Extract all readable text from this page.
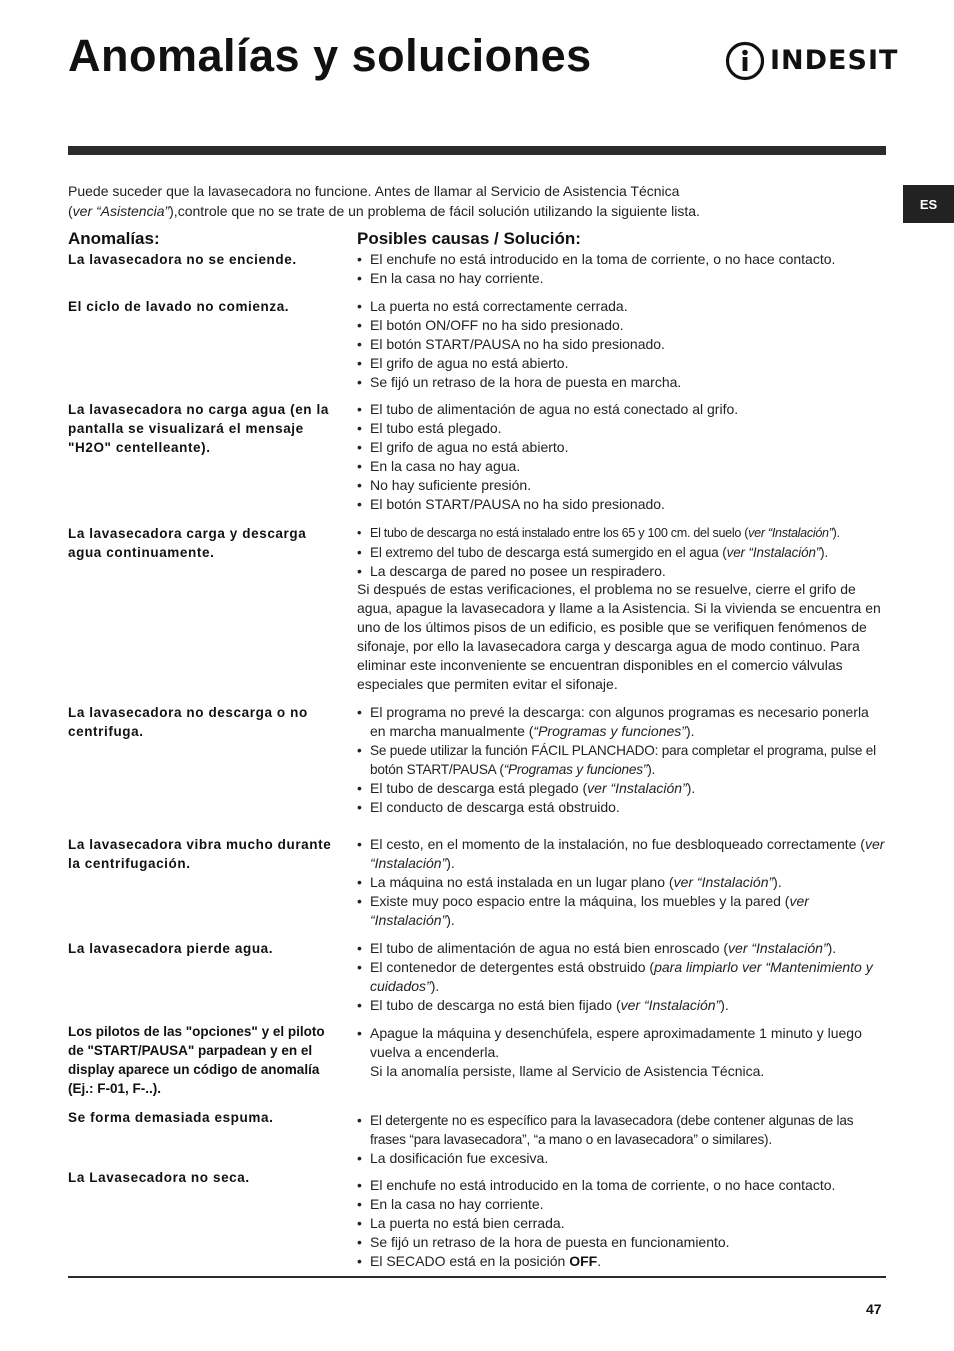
Anomalías y soluciones	INDESIT
ES
Puede suceder que la lavasecadora no funcione. Antes de llamar al Servicio de Asistencia Técnica
(ver “Asistencia”),controle que no se trate de un problema de fácil solución utilizando la siguiente lista.
Anomalías:	Posibles causas / Solución:
La lavasecadora no se enciende.	• El enchufe no está introducido en la toma de corriente, o no hace contacto.
• En la casa no hay corriente.
El ciclo de lavado no comienza.	• La puerta no está correctamente cerrada.
• El botón ON/OFF no ha sido presionado.
• El botón START/PAUSA no ha sido presionado.
• El grifo de agua no está abierto.
• Se fijó un retraso de la hora de puesta en marcha.
La lavasecadora no carga agua (en la pantalla se visualizará el mensaje "H2O" centelleante).
• El tubo de alimentación de agua no está conectado al grifo.
• El tubo está plegado.
• El grifo de agua no está abierto.
• En la casa no hay agua.
• No hay suficiente presión.
• El botón START/PAUSA no ha sido presionado.
La lavasecadora carga y descarga agua continuamente.
• El tubo de descarga no está instalado entre los 65 y 100 cm. del suelo (ver “Instalación”).
• El extremo del tubo de descarga está sumergido en el agua (ver “Instalación”).
• La descarga de pared no posee un respiradero.
Si después de estas verificaciones, el problema no se resuelve, cierre el grifo de agua, apague la lavasecadora y llame a la Asistencia. Si la vivienda se encuentra en uno de los últimos pisos de un edificio, es posible que se verifiquen fenómenos de sifonaje, por ello la lavasecadora carga y descarga agua de modo continuo. Para eliminar este inconveniente se encuentran disponibles en el comercio válvulas especiales que permiten evitar el sifonaje.
La lavasecadora no descarga o no centrifuga.
• El programa no prevé la descarga: con algunos programas es necesario ponerla en marcha manualmente (“Programas y funciones”).
• Se puede utilizar la función FÁCIL PLANCHADO: para completar el programa, pulse el botón START/PAUSA (“Programas y funciones”).
• El tubo de descarga está plegado (ver “Instalación”).
• El conducto de descarga está obstruido.
La lavasecadora vibra mucho durante la centrifugación.
• El cesto, en el momento de la instalación, no fue desbloqueado correctamente (ver “Instalación”).
• La máquina no está instalada en un lugar plano (ver “Instalación”).
• Existe muy poco espacio entre la máquina, los muebles y la pared (ver “Instalación”).
La lavasecadora pierde agua.	• El tubo de alimentación de agua no está bien enroscado (ver “Instalación”).
• El contenedor de detergentes está obstruido (para limpiarlo ver “Mantenimiento y cuidados”).
• El tubo de descarga no está bien fijado (ver “Instalación”).
Los pilotos de las "opciones" y el piloto de "START/PAUSA" parpadean y en el display aparece un código de anomalía (Ej.: F-01, F-..).
• Apague la máquina y desenchúfela, espere aproximadamente 1 minuto y luego vuelva a encenderla.
Si la anomalía persiste, llame al Servicio de Asistencia Técnica.
Se forma demasiada espuma.	• El detergente no es específico para la lavasecadora (debe contener algunas de las frases “para lavasecadora”, “a mano o en lavasecadora” o similares).
• La dosificación fue excesiva.
La Lavasecadora no seca.	• El enchufe no está introducido en la toma de corriente, o no hace contacto.
• En la casa no hay corriente.
• La puerta no está bien cerrada.
• Se fijó un retraso de la hora de puesta en funcionamiento.
• El SECADO está en la posición OFF.
47
